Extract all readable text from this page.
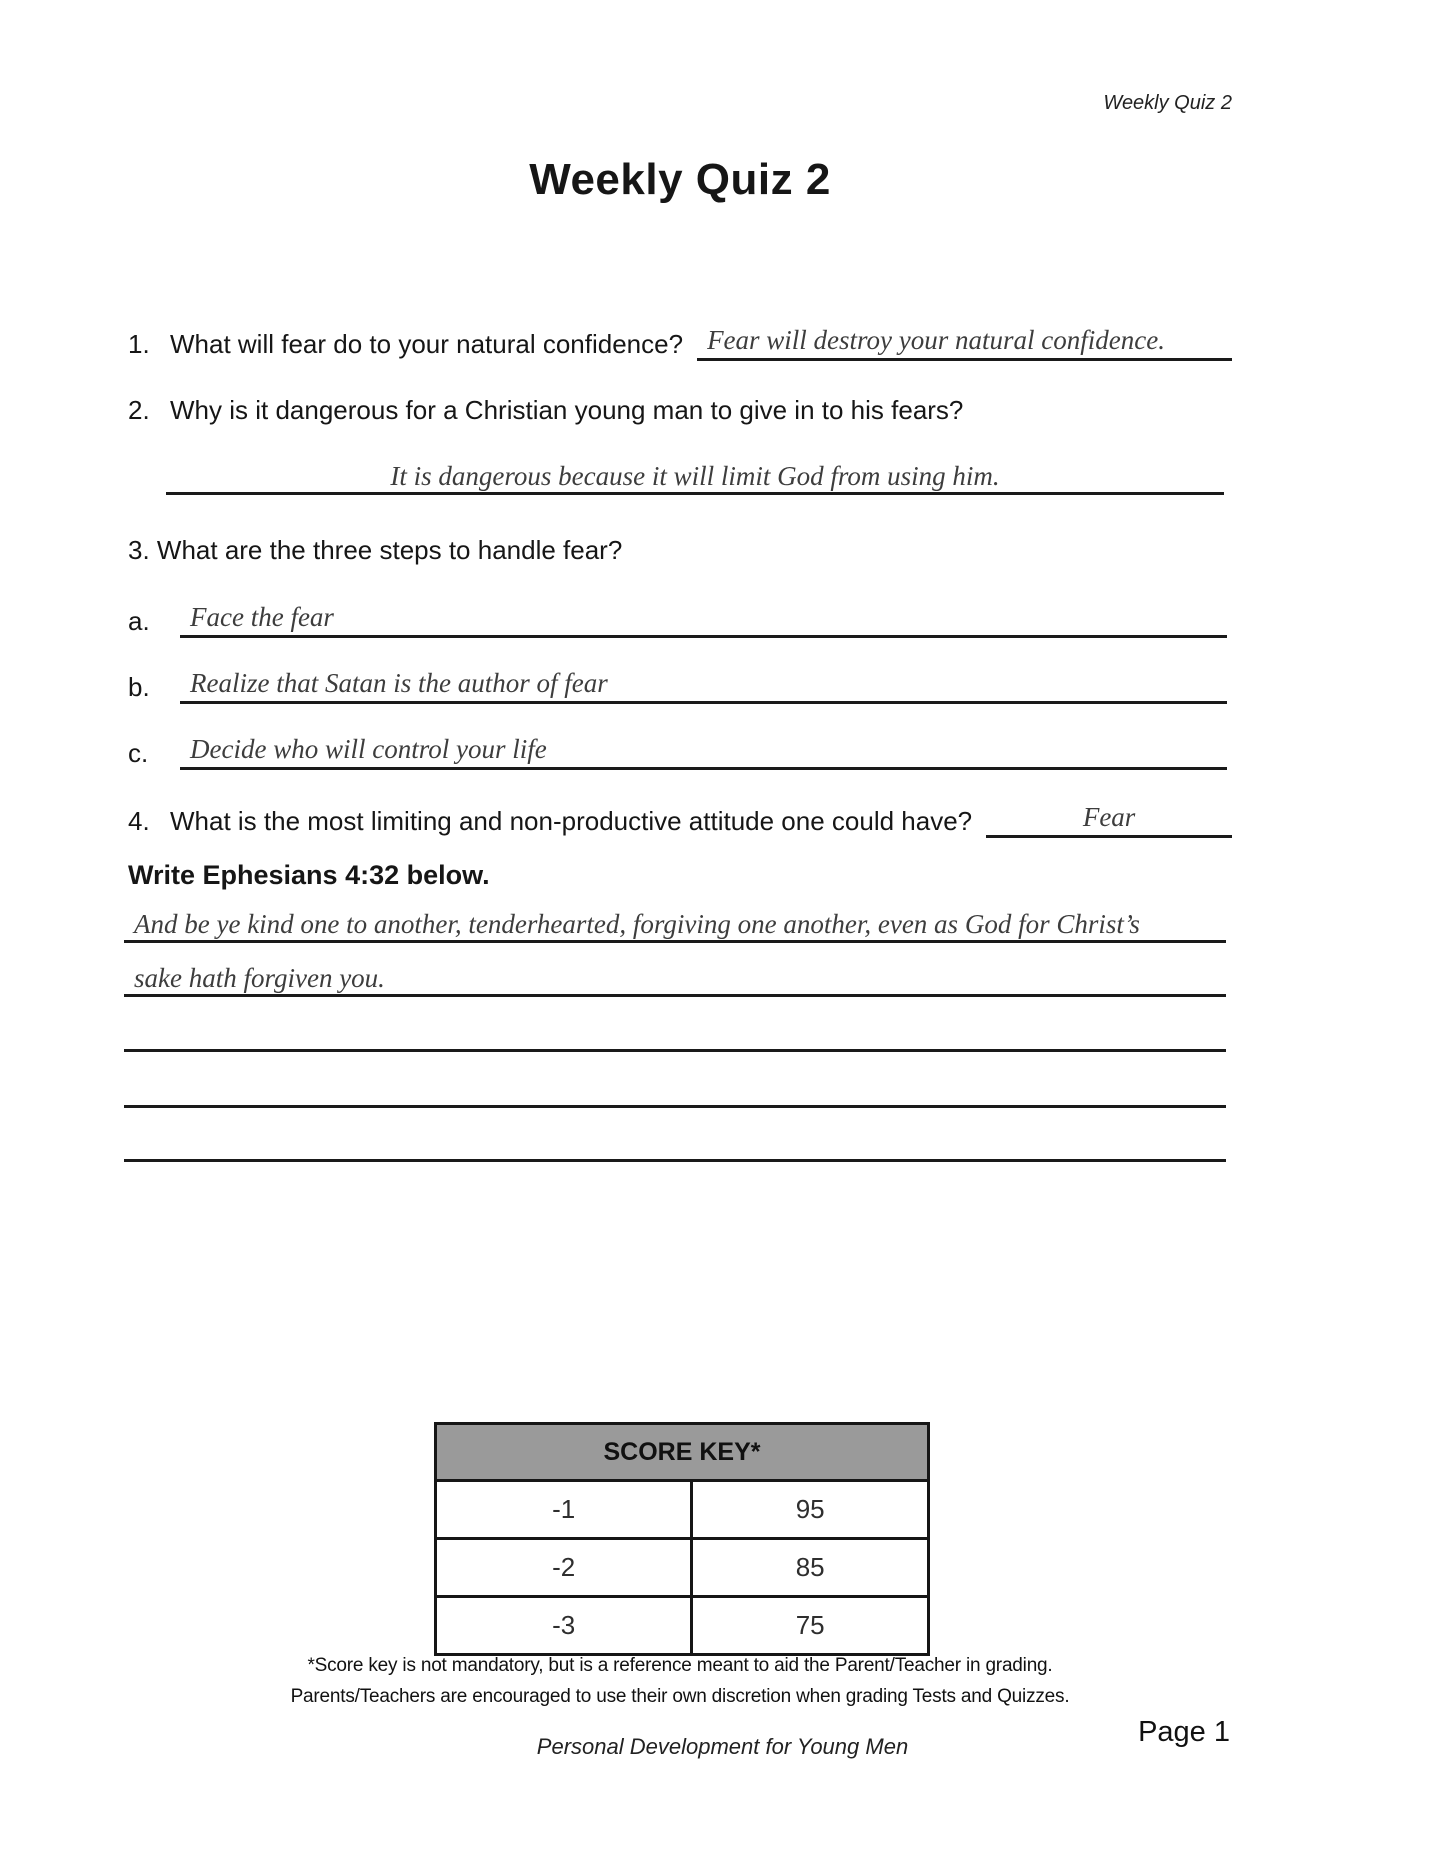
Weekly Quiz 2
Weekly Quiz 2
1. What will fear do to your natural confidence? Fear will destroy your natural confidence.
2. Why is it dangerous for a Christian young man to give in to his fears?
It is dangerous because it will limit God from using him.
3. What are the three steps to handle fear?
a.	Face the fear
b.	Realize that Satan is the author of fear
c.	Decide who will control your life
4. What is the most limiting and non-productive attitude one could have?	Fear
Write Ephesians 4:32 below.
And be ye kind one to another, tenderhearted, forgiving one another, even as God for Christ’s
sake hath forgiven you.
SCORE KEY*	
-1	95
-2	85
-3	75
*Score key is not mandatory, but is a reference meant to aid the Parent/Teacher in grading.
Parents/Teachers are encouraged to use their own discretion when grading Tests and Quizzes.
Personal Development for Young Men	Page 1
